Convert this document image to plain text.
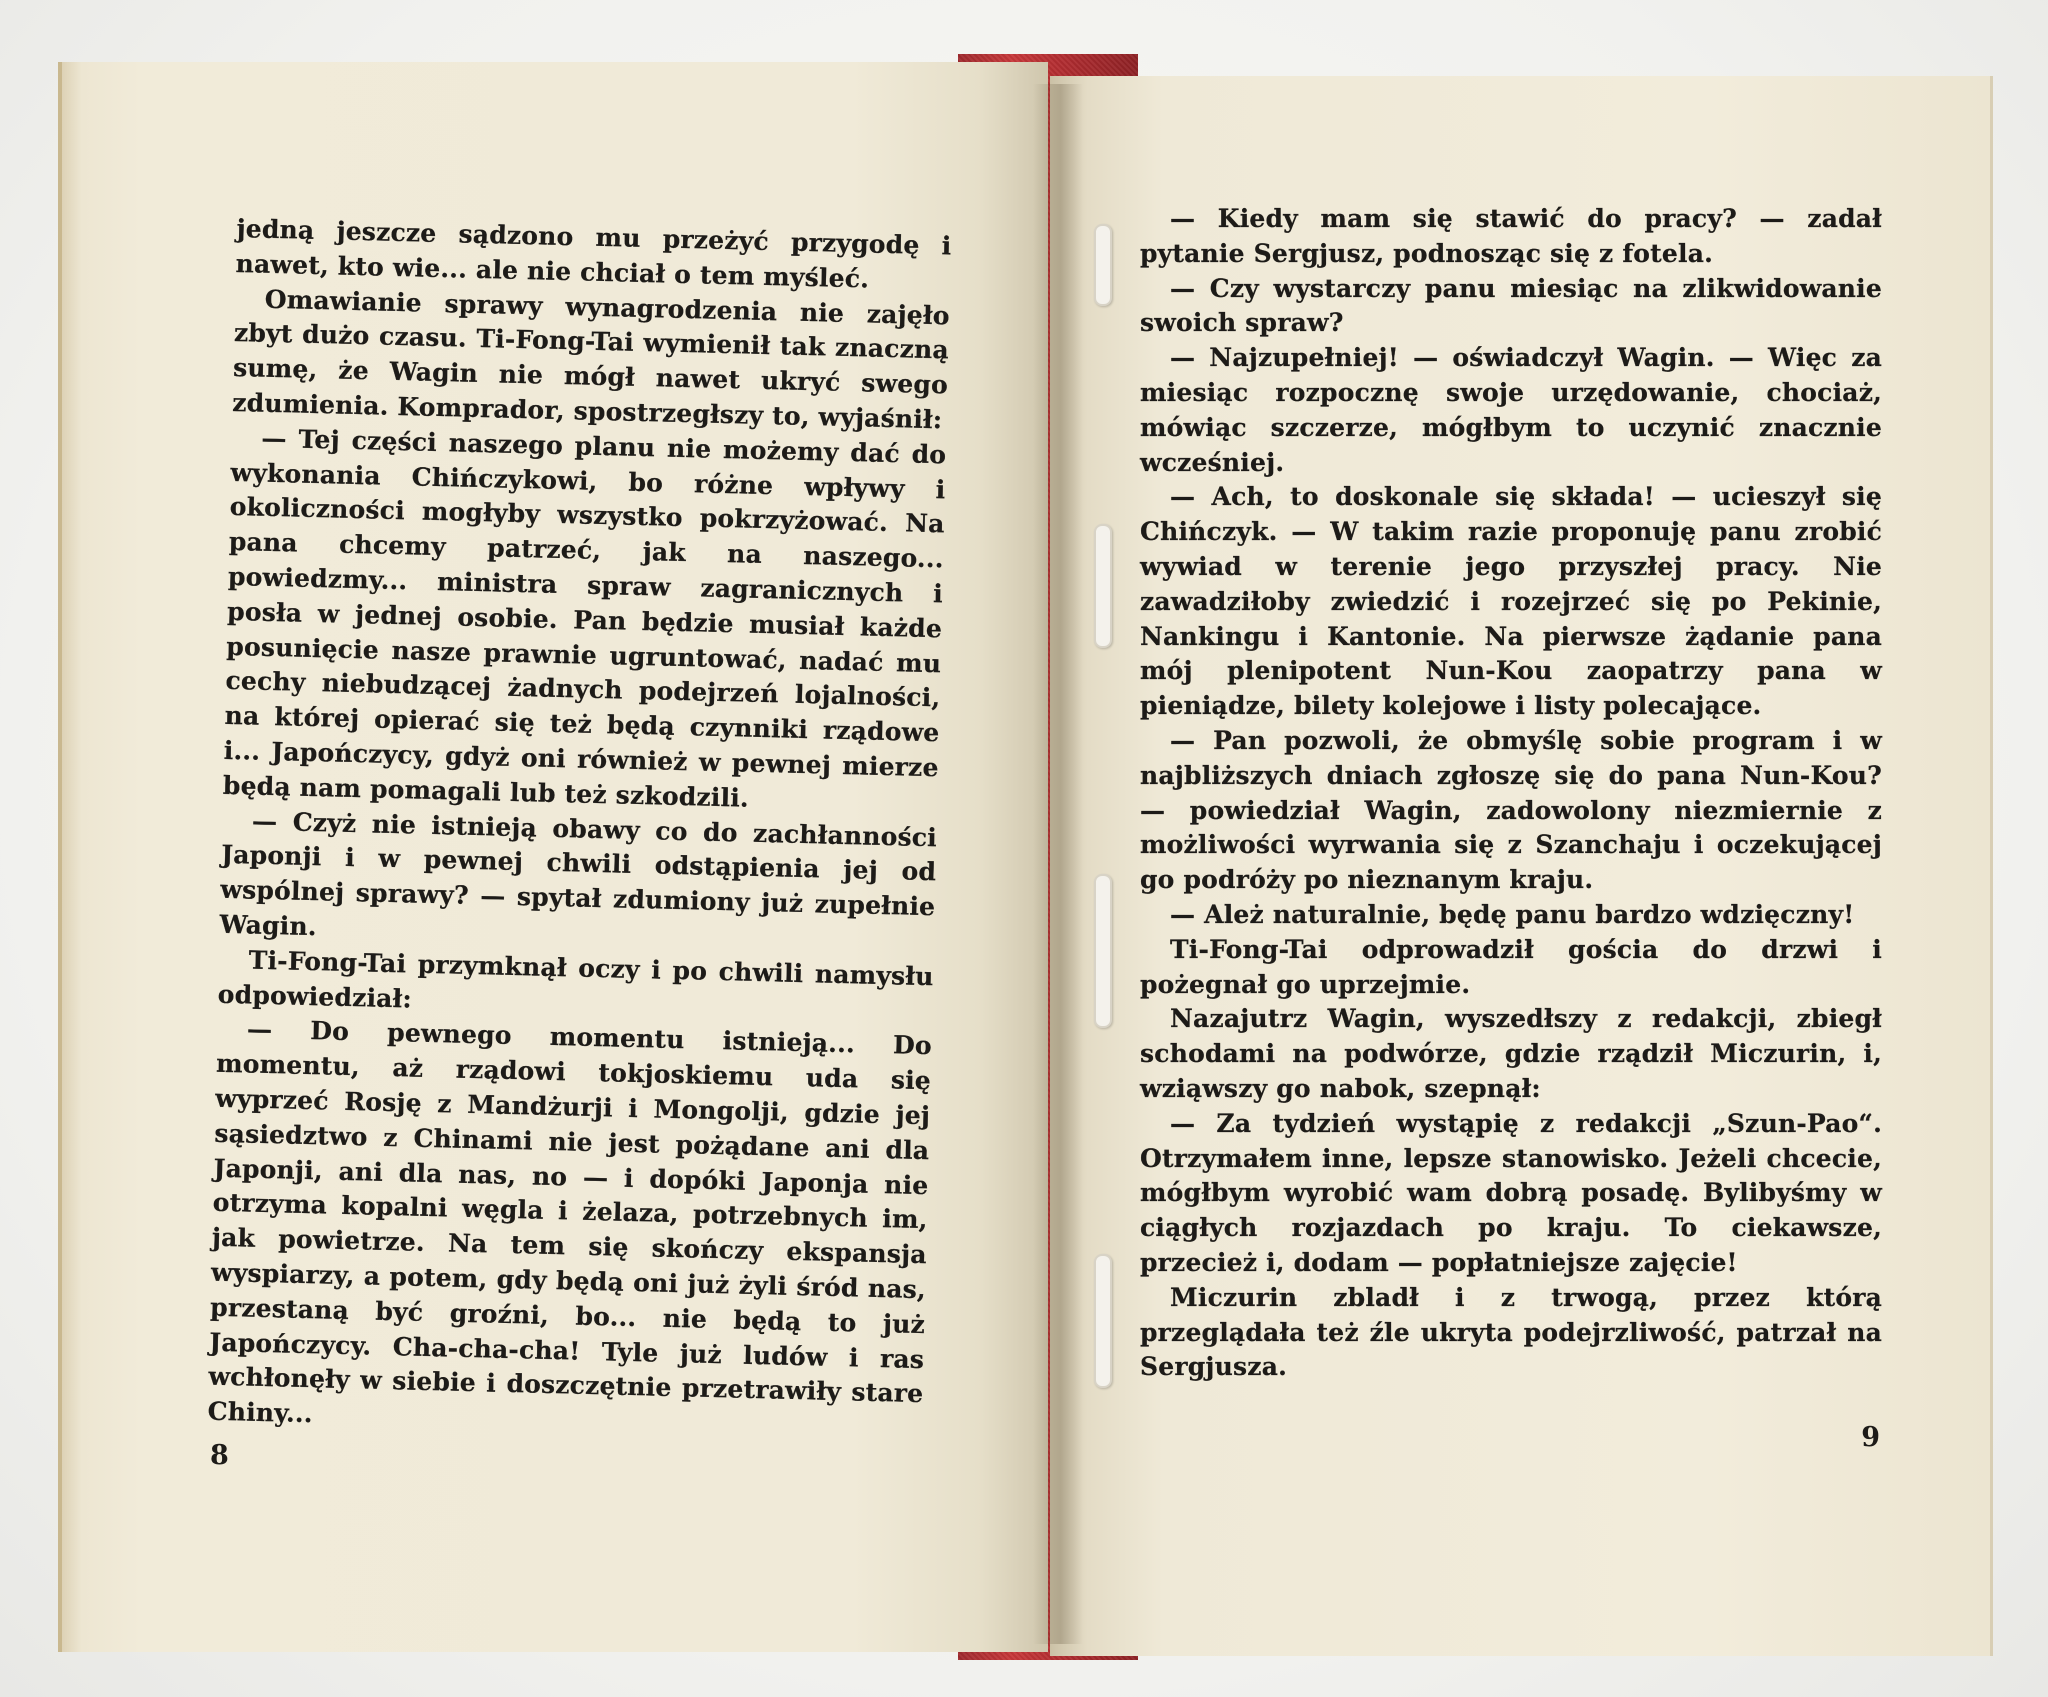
jedną jeszcze sądzono mu przeżyć przygodę i nawet, kto wie... ale nie chciał o tem myśleć.

Omawianie sprawy wynagrodzenia nie zajęło zbyt dużo czasu. Ti-Fong-Tai wymienił tak znaczną sumę, że Wagin nie mógł nawet ukryć swego zdumienia. Komprador, spostrzegłszy to, wyjaśnił:

— Tej części naszego planu nie możemy dać do wykonania Chińczykowi, bo różne wpływy i okoliczności mogłyby wszystko pokrzyżować. Na pana chcemy patrzeć, jak na naszego... powiedzmy... ministra spraw zagranicznych i posła w jednej osobie. Pan będzie musiał każde posunięcie nasze prawnie ugruntować, nadać mu cechy niebudzącej żadnych podejrzeń lojalności, na której opierać się też będą czynniki rządowe i... Japończycy, gdyż oni również w pewnej mierze będą nam pomagali lub też szkodzili.

— Czyż nie istnieją obawy co do zachłanności Japonji i w pewnej chwili odstąpienia jej od wspólnej sprawy? — spytał zdumiony już zupełnie Wagin.

Ti-Fong-Tai przymknął oczy i po chwili namysłu odpowiedział:

— Do pewnego momentu istnieją... Do momentu, aż rządowi tokjoskiemu uda się wyprzeć Rosję z Mandżurji i Mongolji, gdzie jej sąsiedztwo z Chinami nie jest pożądane ani dla Japonji, ani dla nas, no — i dopóki Japonja nie otrzyma kopalni węgla i żelaza, potrzebnych im, jak powietrze. Na tem się skończy ekspansja wyspiarzy, a potem, gdy będą oni już żyli śród nas, przestaną być groźni, bo... nie będą to już Japończycy. Cha-cha-cha! Tyle już ludów i ras wchłonęły w siebie i doszczętnie przetrawiły stare Chiny...

8

— Kiedy mam się stawić do pracy? — zadał pytanie Sergjusz, podnosząc się z fotela.

— Czy wystarczy panu miesiąc na zlikwidowanie swoich spraw?

— Najzupełniej! — oświadczył Wagin. — Więc za miesiąc rozpocznę swoje urzędowanie, chociaż, mówiąc szczerze, mógłbym to uczynić znacznie wcześniej.

— Ach, to doskonale się składa! — ucieszył się Chińczyk. — W takim razie proponuję panu zrobić wywiad w terenie jego przyszłej pracy. Nie zawadziłoby zwiedzić i rozejrzeć się po Pekinie, Nankingu i Kantonie. Na pierwsze żądanie pana mój plenipotent Nun-Kou zaopatrzy pana w pieniądze, bilety kolejowe i listy polecające.

— Pan pozwoli, że obmyślę sobie program i w najbliższych dniach zgłoszę się do pana Nun-Kou? — powiedział Wagin, zadowolony niezmiernie z możliwości wyrwania się z Szanchaju i oczekującej go podróży po nieznanym kraju.

— Ależ naturalnie, będę panu bardzo wdzięczny!

Ti-Fong-Tai odprowadził gościa do drzwi i pożegnał go uprzejmie.

Nazajutrz Wagin, wyszedłszy z redakcji, zbiegł schodami na podwórze, gdzie rządził Miczurin, i, wziąwszy go nabok, szepnął:

— Za tydzień wystąpię z redakcji „Szun-Pao“. Otrzymałem inne, lepsze stanowisko. Jeżeli chcecie, mógłbym wyrobić wam dobrą posadę. Bylibyśmy w ciągłych rozjazdach po kraju. To ciekawsze, przecież i, dodam — popłatniejsze zajęcie!

Miczurin zbladł i z trwogą, przez którą przeglądała też źle ukryta podejrzliwość, patrzał na Sergjusza.

9
